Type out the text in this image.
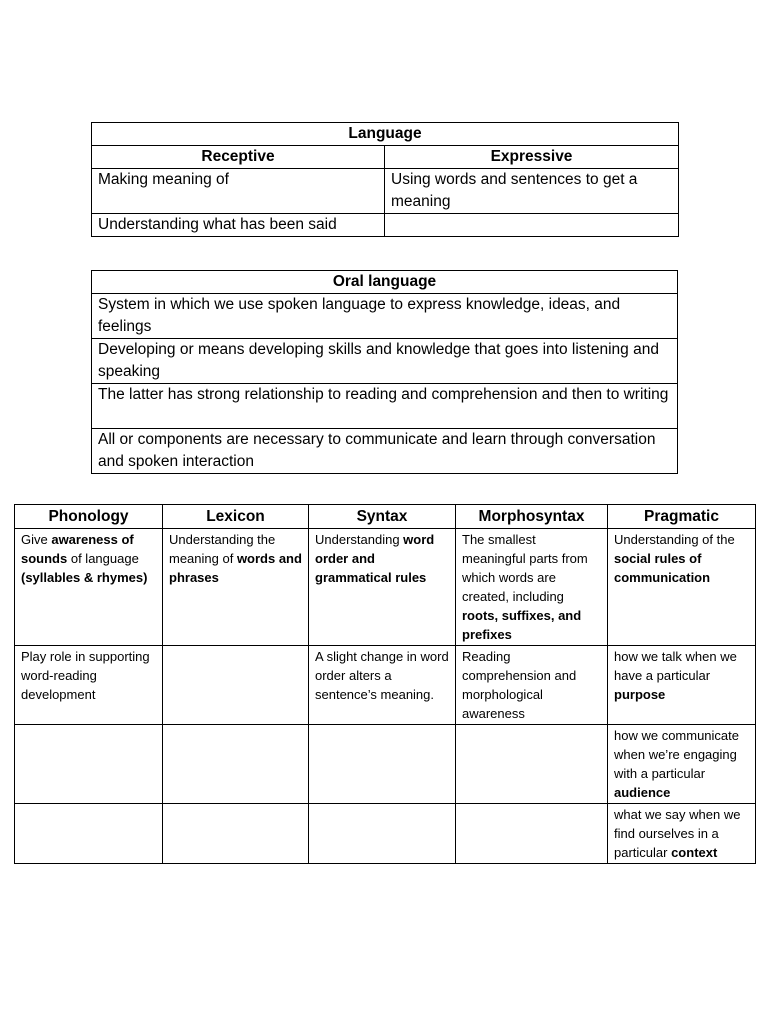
Language	
Receptive	Expressive
Making meaning of	Using words and sentences to get a meaning
Understanding what has been said	
Oral language
System in which we use spoken language to express knowledge, ideas, and feelings
Developing or means developing skills and knowledge that goes into listening and speaking
The latter has strong relationship to reading and comprehension and then to writing
All or components are necessary to communicate and learn through conversation and spoken interaction
Phonology	Lexicon	Syntax	Morphosyntax	Pragmatic
Give awareness of sounds of language (syllables & rhymes)	Understanding the meaning of words and phrases	Understanding word order and grammatical rules	The smallest meaningful parts from which words are created, including roots, suffixes, and prefixes	Understanding of the social rules of communication
Play role in supporting word-reading development		A slight change in word order alters a sentence’s meaning.	Reading comprehension and morphological awareness	how we talk when we have a particular purpose
				how we communicate when we’re engaging with a particular audience
				what we say when we find ourselves in a particular context
